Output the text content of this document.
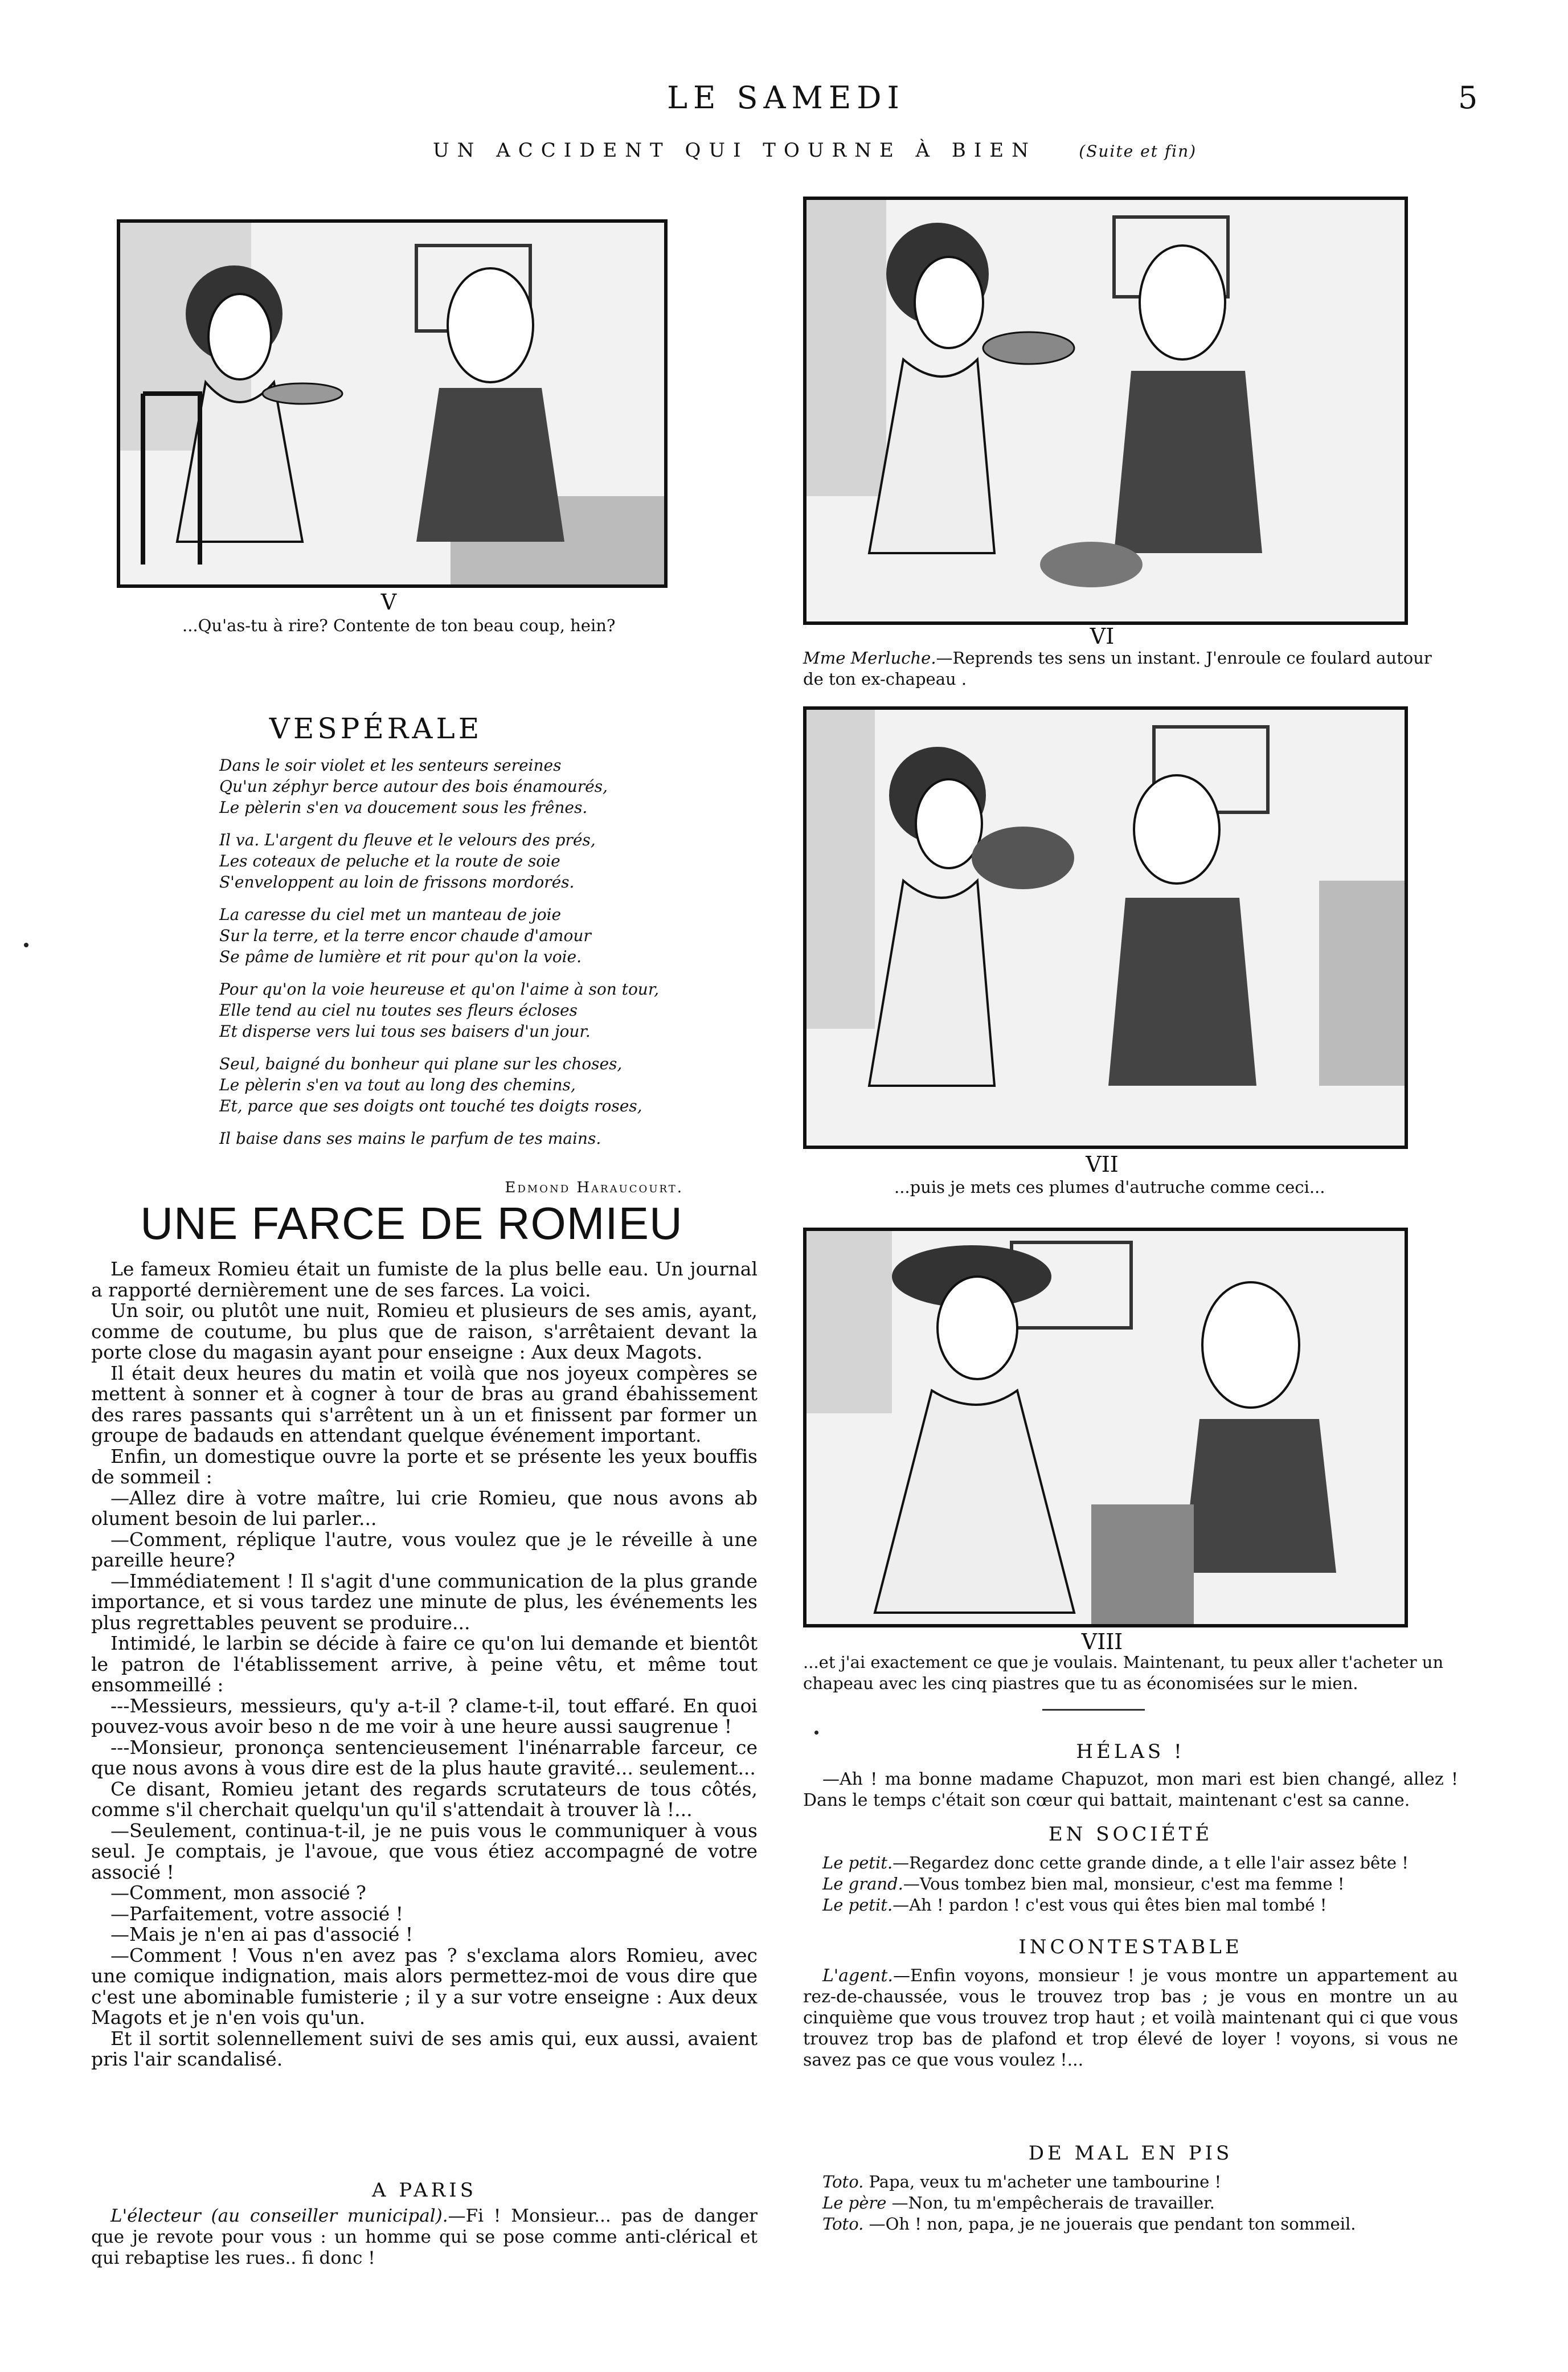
LE SAMEDI	5
UN ACCIDENT QUI TOURNE À BIEN	(Suite et fin)
V
...Qu'as-tu à rire? Contente de ton beau coup, hein?	VI
Mme Merluche.—Reprends tes sens un instant. J'enroule ce foulard autour de ton ex-chapeau .
VESPÉRALE
Dans le soir violet et les senteurs sereines
Qu'un zéphyr berce autour des bois énamourés,
Le pèlerin s'en va doucement sous les frênes.
Il va. L'argent du fleuve et le velours des prés,
Les coteaux de peluche et la route de soie
S'enveloppent au loin de frissons mordorés.
La caresse du ciel met un manteau de joie
Sur la terre, et la terre encor chaude d'amour
Se pâme de lumière et rit pour qu'on la voie.
Pour qu'on la voie heureuse et qu'on l'aime à son tour,
Elle tend au ciel nu toutes ses fleurs écloses
Et disperse vers lui tous ses baisers d'un jour.
Seul, baigné du bonheur qui plane sur les choses,
Le pèlerin s'en va tout au long des chemins,
Et, parce que ses doigts ont touché tes doigts roses,
Il baise dans ses mains le parfum de tes mains.
Edmond Haraucourt.
VII
...puis je mets ces plumes d'autruche comme ceci...
UNE FARCE DE ROMIEU

Le fameux Romieu était un fumiste de la plus belle eau. Un journal a rapporté dernièrement une de ses farces. La voici.

Un soir, ou plutôt une nuit, Romieu et plusieurs de ses amis, ayant, comme de coutume, bu plus que de raison, s'arrêtaient devant la porte close du magasin ayant pour enseigne : Aux deux Magots.

Il était deux heures du matin et voilà que nos joyeux compères se mettent à sonner et à cogner à tour de bras au grand ébahissement des rares passants qui s'arrêtent un à un et finissent par former un groupe de badauds en attendant quelque événement important.

Enfin, un domestique ouvre la porte et se présente les yeux bouffis de sommeil :

—Allez dire à votre maître, lui crie Romieu, que nous avons ab olument besoin de lui parler...

—Comment, réplique l'autre, vous voulez que je le réveille à une pareille heure?

—Immédiatement ! Il s'agit d'une communication de la plus grande importance, et si vous tardez une minute de plus, les événements les plus regrettables peuvent se produire...

Intimidé, le larbin se décide à faire ce qu'on lui demande et bientôt le patron de l'établissement arrive, à peine vêtu, et même tout ensommeillé :

---Messieurs, messieurs, qu'y a-t-il ? clame-t-il, tout effaré. En quoi pouvez-vous avoir beso n de me voir à une heure aussi saugrenue !

---Monsieur, prononça sentencieusement l'inénarrable farceur, ce que nous avons à vous dire est de la plus haute gravité... seulement...

Ce disant, Romieu jetant des regards scrutateurs de tous côtés, comme s'il cherchait quelqu'un qu'il s'attendait à trouver là !...

—Seulement, continua-t-il, je ne puis vous le communiquer à vous seul. Je comptais, je l'avoue, que vous étiez accompagné de votre associé !

—Comment, mon associé ?

—Parfaitement, votre associé !

—Mais je n'en ai pas d'associé !

—Comment ! Vous n'en avez pas ? s'exclama alors Romieu, avec une comique indignation, mais alors permettez-moi de vous dire que c'est une abominable fumisterie ; il y a sur votre enseigne : Aux deux Magots et je n'en vois qu'un.

Et il sortit solennellement suivi de ses amis qui, eux aussi, avaient pris l'air scandalisé.

A PARIS

L'électeur (au conseiller municipal).—Fi ! Monsieur... pas de danger que je revote pour vous : un homme qui se pose comme anti-clérical et qui rebaptise les rues.. fi donc !

VIII
...et j'ai exactement ce que je voulais. Maintenant, tu peux aller t'acheter un chapeau avec les cinq piastres que tu as économisées sur le mien.
HÉLAS !

—Ah ! ma bonne madame Chapuzot, mon mari est bien changé, allez ! Dans le temps c'était son cœur qui battait, maintenant c'est sa canne.

EN SOCIÉTÉ

Le petit.—Regardez donc cette grande dinde, a t elle l'air assez bête !

Le grand.—Vous tombez bien mal, monsieur, c'est ma femme !

Le petit.—Ah ! pardon ! c'est vous qui êtes bien mal tombé !

INCONTESTABLE

L'agent.—Enfin voyons, monsieur ! je vous montre un appartement au rez-de-chaussée, vous le trouvez trop bas ; je vous en montre un au cinquième que vous trouvez trop haut ; et voilà maintenant qui ci que vous trouvez trop bas de plafond et trop élevé de loyer ! voyons, si vous ne savez pas ce que vous voulez !...

DE MAL EN PIS

Toto. Papa, veux tu m'acheter une tambourine !

Le père —Non, tu m'empêcherais de travailler.

Toto. —Oh ! non, papa, je ne jouerais que pendant ton sommeil.
